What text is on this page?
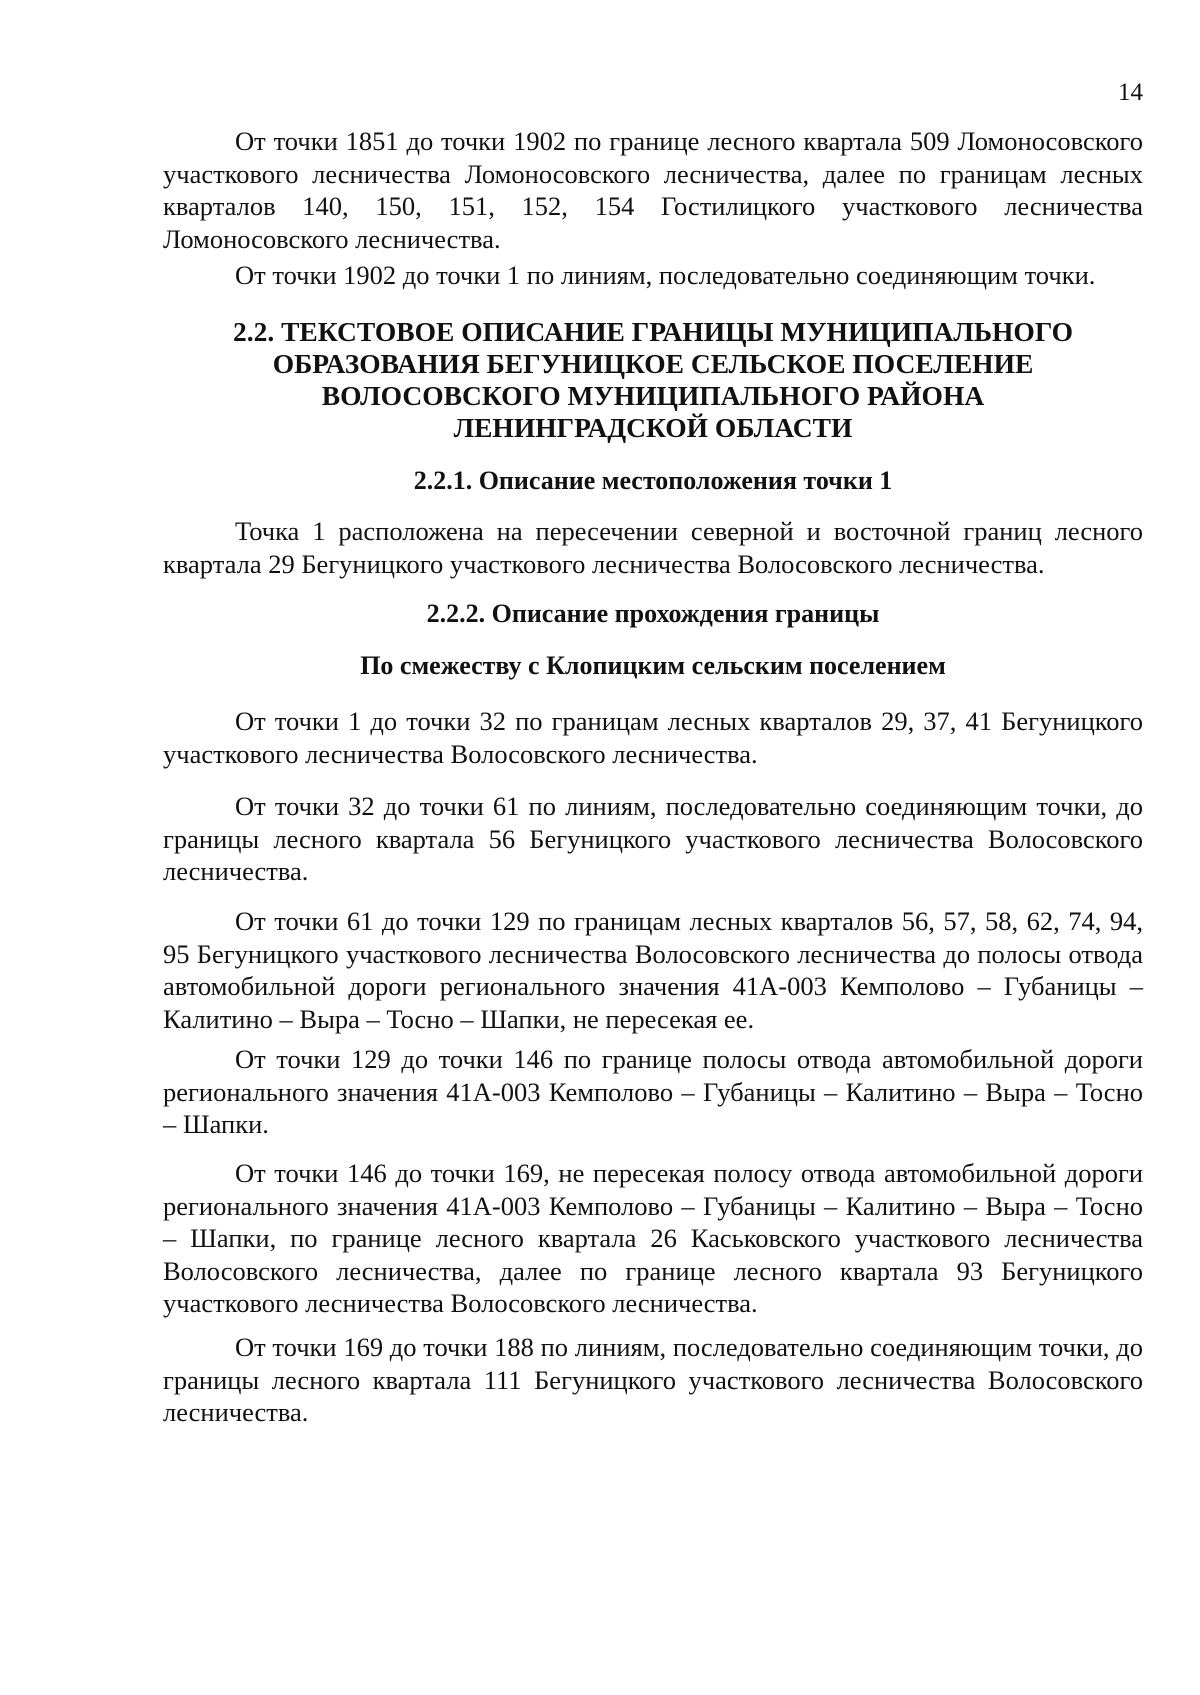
14

От точки 1851 до точки 1902 по границе лесного квартала 509 Ломоносовского участкового лесничества Ломоносовского лесничества, далее по границам лесных кварталов 140, 150, 151, 152, 154 Гостилицкого участкового лесничества Ломоносовского лесничества.

От точки 1902 до точки 1 по линиям, последовательно соединяющим точки.

2.2. ТЕКСТОВОЕ ОПИСАНИЕ ГРАНИЦЫ МУНИЦИПАЛЬНОГО

ОБРАЗОВАНИЯ БЕГУНИЦКОЕ СЕЛЬСКОЕ ПОСЕЛЕНИЕ

ВОЛОСОВСКОГО МУНИЦИПАЛЬНОГО РАЙОНА

ЛЕНИНГРАДСКОЙ ОБЛАСТИ

2.2.1. Описание местоположения точки 1

Точка 1 расположена на пересечении северной и восточной границ лесного квартала 29 Бегуницкого участкового лесничества Волосовского лесничества.

2.2.2. Описание прохождения границы

По смежеству с Клопицким сельским поселением

От точки 1 до точки 32 по границам лесных кварталов 29, 37, 41 Бегуницкого участкового лесничества Волосовского лесничества.

От точки 32 до точки 61 по линиям, последовательно соединяющим точки, до границы лесного квартала 56 Бегуницкого участкового лесничества Волосовского лесничества.

От точки 61 до точки 129 по границам лесных кварталов 56, 57, 58, 62, 74, 94, 95 Бегуницкого участкового лесничества Волосовского лесничества до полосы отвода автомобильной дороги регионального значения 41А-003 Кемполово – Губаницы – Калитино – Выра – Тосно – Шапки, не пересекая ее.

От точки 129 до точки 146 по границе полосы отвода автомобильной дороги регионального значения 41А-003 Кемполово – Губаницы – Калитино – Выра – Тосно – Шапки.

От точки 146 до точки 169, не пересекая полосу отвода автомобильной дороги регионального значения 41А-003 Кемполово – Губаницы – Калитино – Выра – Тосно – Шапки, по границе лесного квартала 26 Каськовского участкового лесничества Волосовского лесничества, далее по границе лесного квартала 93 Бегуницкого участкового лесничества Волосовского лесничества.

От точки 169 до точки 188 по линиям, последовательно соединяющим точки, до границы лесного квартала 111 Бегуницкого участкового лесничества Волосовского лесничества.
